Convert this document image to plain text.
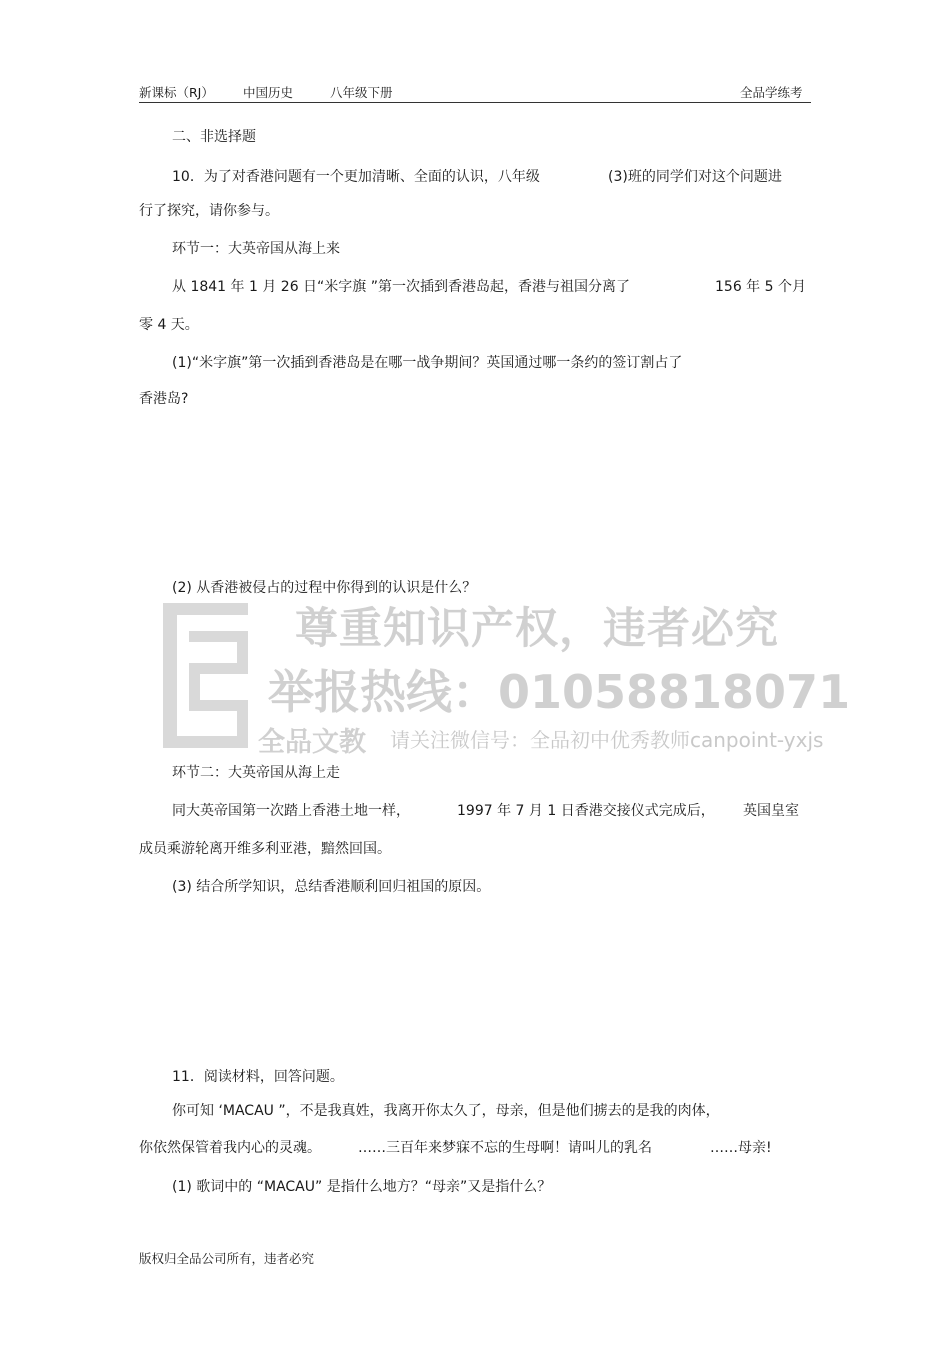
新课标（RJ） 中国历史	八年级下册	全品学练考
二、非选择题
10．为了对香港问题有一个更加清晰、全面的认识，八年级	(3)班的同学们对这个问题进
行了探究，请你参与。
环节一：大英帝国从海上来
从 1841 年 1 月 26 日“米字旗 ”第一次插到香港岛起，香港与祖国分离了	156 年 5 个月
零 4 天。
(1)“米字旗”第一次插到香港岛是在哪一战争期间？英国通过哪一条约的签订割占了
香港岛?
(2) 从香港被侵占的过程中你得到的认识是什么？
尊重知识产权，违者必究
举报热线：01058818071
全品文教 请关注微信号：全品初中优秀教师canpoint-yxjs
环节二：大英帝国从海上走
同大英帝国第一次踏上香港土地一样，	1997 年 7 月 1 日香港交接仪式完成后， 英国皇室
成员乘游轮离开维多利亚港，黯然回国。
(3) 结合所学知识，总结香港顺利回归祖国的原因。
11．阅读材料，回答问题。
你可知 ‘MACAU ”，不是我真姓，我离开你太久了，母亲，但是他们掳去的是我的肉体，
你依然保管着我内心的灵魂。	……三百年来梦寐不忘的生母啊！请叫儿的乳名	……母亲!
(1) 歌词中的 “MACAU” 是指什么地方？“母亲”又是指什么？
版权归全品公司所有，违者必究
